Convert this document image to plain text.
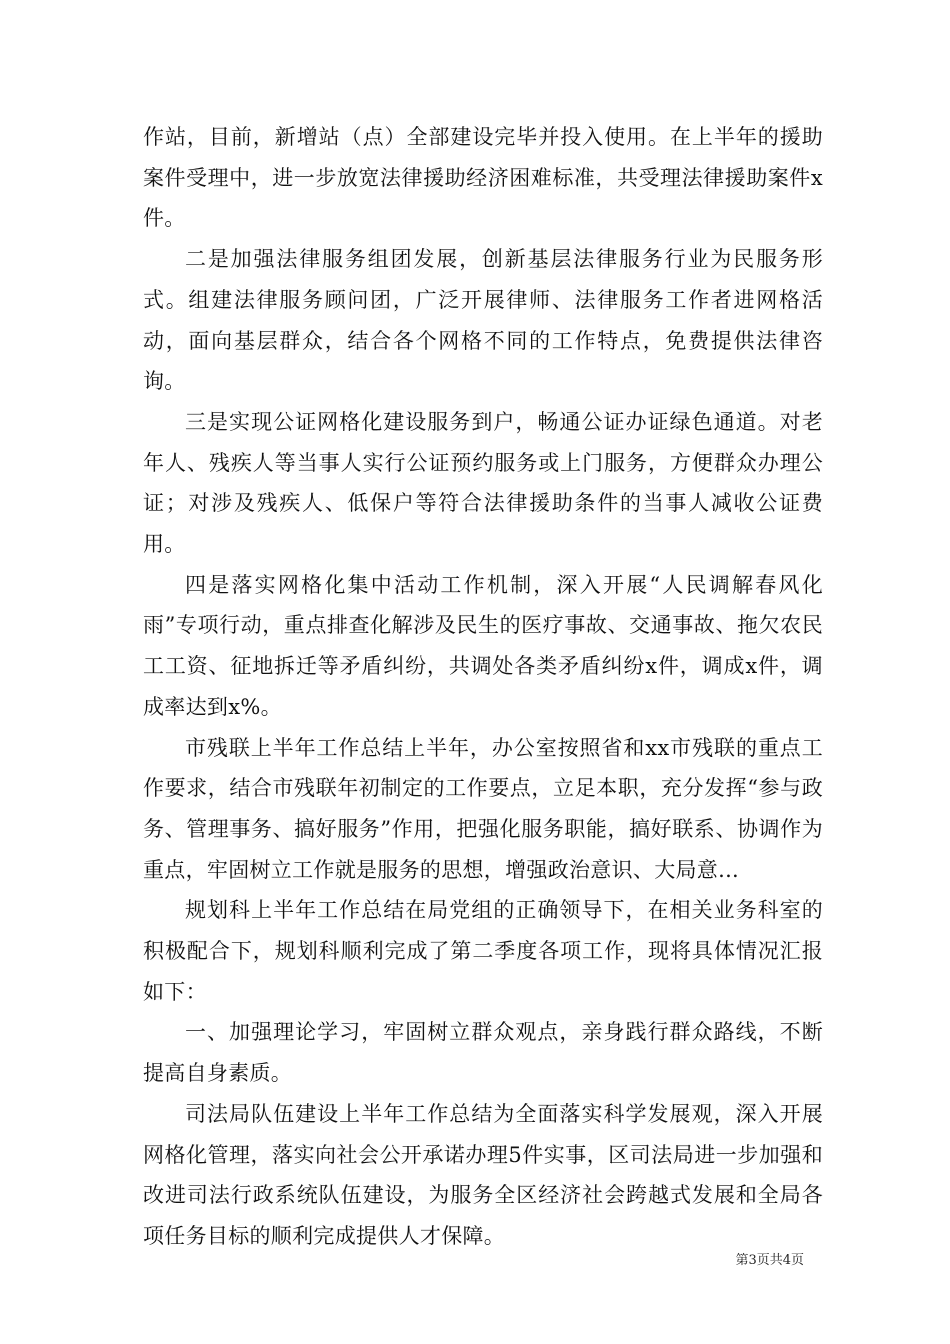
作站，目前，新增站（点）全部建设完毕并投入使用。在上半年的援助案件受理中，进一步放宽法律援助经济困难标准，共受理法律援助案件x件。

二是加强法律服务组团发展，创新基层法律服务行业为民服务形式。组建法律服务顾问团，广泛开展律师、法律服务工作者进网格活动，面向基层群众，结合各个网格不同的工作特点，免费提供法律咨询。

三是实现公证网格化建设服务到户，畅通公证办证绿色通道。对老年人、残疾人等当事人实行公证预约服务或上门服务，方便群众办理公证；对涉及残疾人、低保户等符合法律援助条件的当事人减收公证费用。

四是落实网格化集中活动工作机制，深入开展“人民调解春风化雨”专项行动，重点排查化解涉及民生的医疗事故、交通事故、拖欠农民工工资、征地拆迁等矛盾纠纷，共调处各类矛盾纠纷x件，调成x件，调成率达到x%。

市残联上半年工作总结上半年，办公室按照省和xx市残联的重点工作要求，结合市残联年初制定的工作要点，立足本职，充分发挥“参与政务、管理事务、搞好服务”作用，把强化服务职能，搞好联系、协调作为重点，牢固树立工作就是服务的思想，增强政治意识、大局意...

规划科上半年工作总结在局党组的正确领导下，在相关业务科室的积极配合下，规划科顺利完成了第二季度各项工作，现将具体情况汇报如下：

一、加强理论学习，牢固树立群众观点，亲身践行群众路线，不断提高自身素质。

司法局队伍建设上半年工作总结为全面落实科学发展观，深入开展网格化管理，落实向社会公开承诺办理5件实事，区司法局进一步加强和改进司法行政系统队伍建设，为服务全区经济社会跨越式发展和全局各项任务目标的顺利完成提供人才保障。

第3页共4页
